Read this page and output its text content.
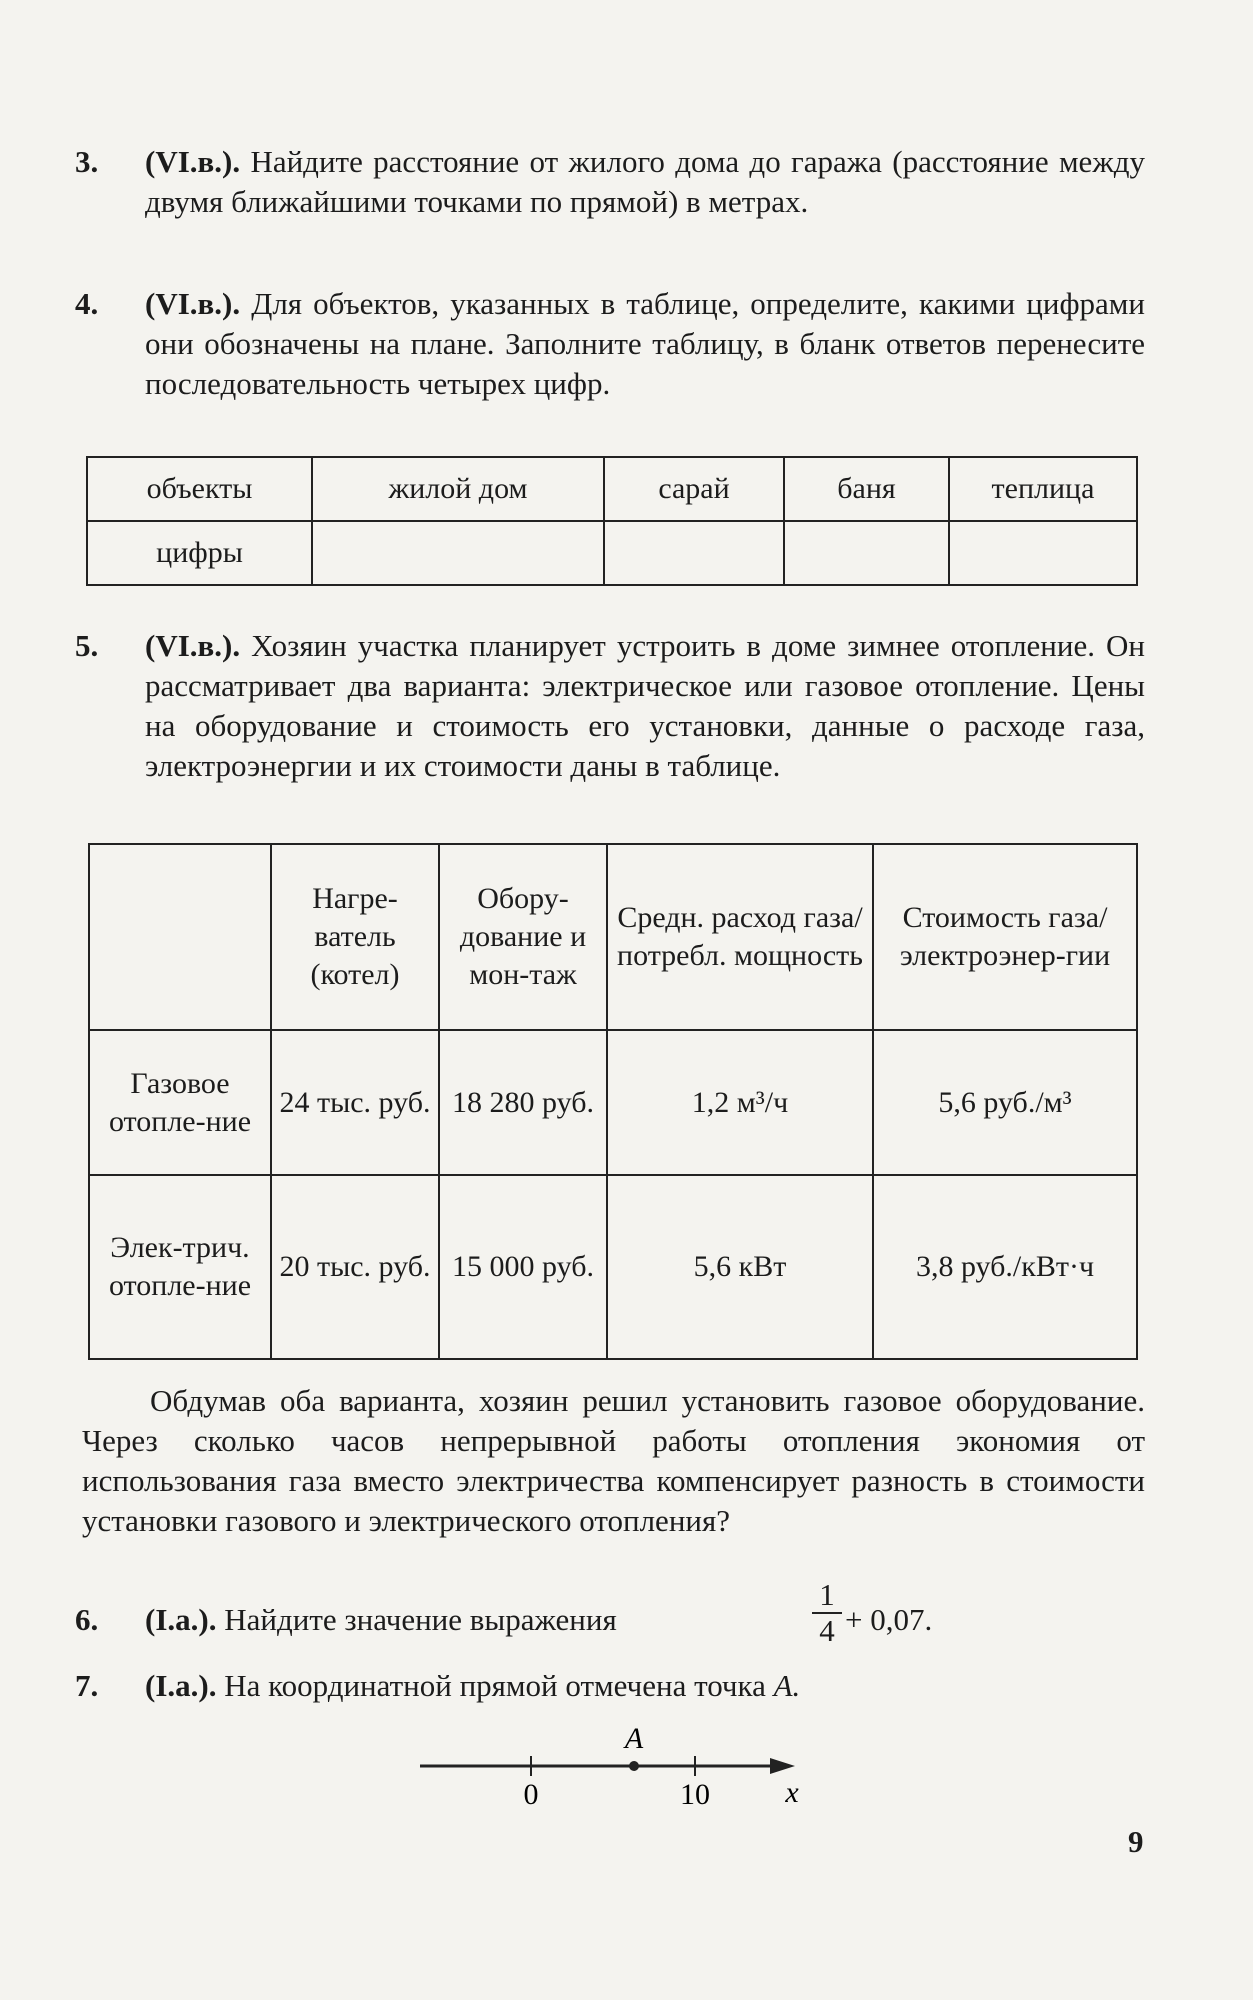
3. (VI.в.). Найдите расстояние от жилого дома до гаража (расстояние между двумя ближайшими точками по прямой) в метрах.
4. (VI.в.). Для объектов, указанных в таблице, определите, какими цифрами они обозначены на плане. Заполните таблицу, в бланк ответов перенесите последовательность четырех цифр.
объекты	жилой дом	сарай	баня	теплица
цифры				
5. (VI.в.). Хозяин участка планирует устроить в доме зимнее отопление. Он рассматривает два варианта: электрическое или газовое отопление. Цены на оборудование и стоимость его установки, данные о расходе газа, электроэнергии и их стоимости даны в таблице.
	Нагре-ватель (котел)	Обору-дование и мон-таж	Средн. расход газа/потребл. мощность	Стоимость газа/ электроэнер-гии
Газовое отопле-ние	24 тыс. руб.	18 280 руб.	1,2 м³/ч	5,6 руб./м³
Элек-трич. отопле-ние	20 тыс. руб.	15 000 руб.	5,6 кВт	3,8 руб./кВт·ч
Обдумав оба варианта, хозяин решил установить газовое оборудование. Через сколько часов непрерывной работы отопления экономия от использования газа вместо электричества компенсирует разность в стоимости установки газового и электрического отопления?
6. (I.a.). Найдите значение выражения
1
4 + 0,07.
7. (I.a.). На координатной прямой отмечена точка A.
A
0	10	x
9
